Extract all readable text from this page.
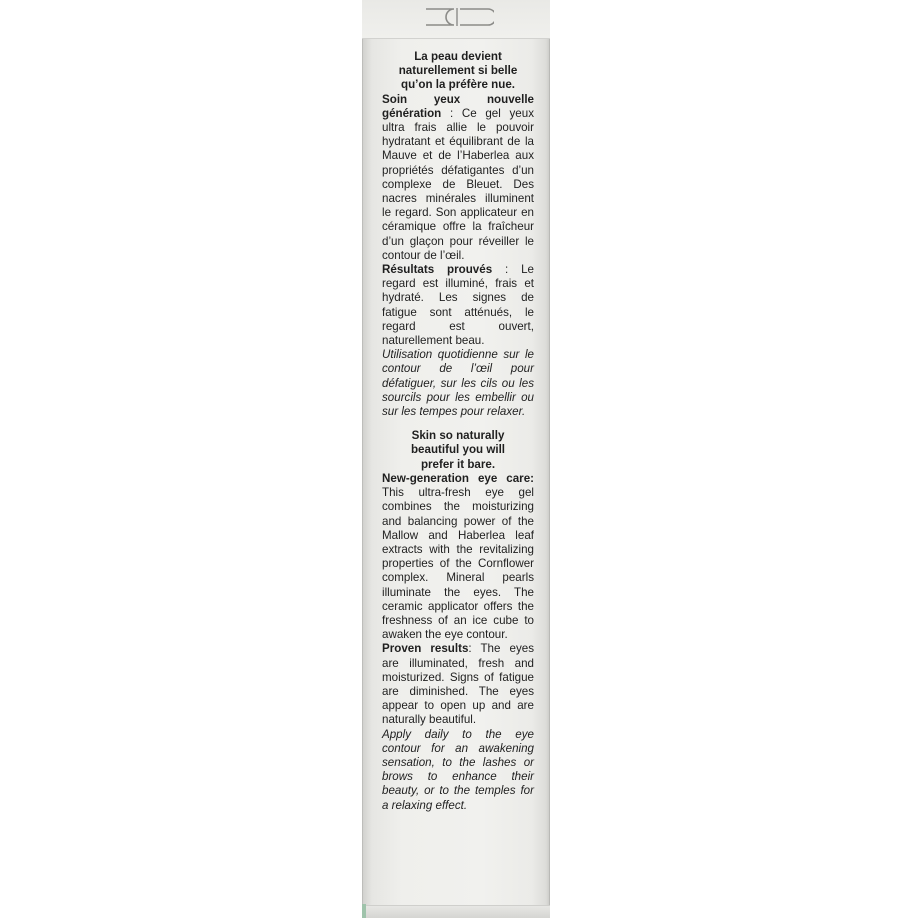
La peau devient
naturellement si belle
qu’on la préfère nue.

Soin yeux nouvelle génération : Ce gel yeux ultra frais allie le pouvoir hydratant et équilibrant de la Mauve et de l’Haberlea aux propriétés défatigantes d’un complexe de Bleuet. Des nacres minérales illuminent le regard. Son applicateur en céramique offre la fraîcheur d’un glaçon pour réveiller le contour de l’œil.

Résultats prouvés : Le regard est illuminé, frais et hydraté. Les signes de fatigue sont atténués, le regard est ouvert, naturellement beau.

Utilisation quotidienne sur le contour de l’œil pour défatiguer, sur les cils ou les sourcils pour les embellir ou sur les tempes pour relaxer.

Skin so naturally
beautiful you will
prefer it bare.

New-generation eye care: This ultra-fresh eye gel combines the moisturizing and balancing power of the Mallow and Haberlea leaf extracts with the revitalizing properties of the Cornflower complex. Mineral pearls illuminate the eyes. The ceramic applicator offers the freshness of an ice cube to awaken the eye contour.

Proven results: The eyes are illuminated, fresh and moisturized. Signs of fatigue are diminished. The eyes appear to open up and are naturally beautiful.

Apply daily to the eye contour for an awakening sensation, to the lashes or brows to enhance their beauty, or to the temples for a relaxing effect.
